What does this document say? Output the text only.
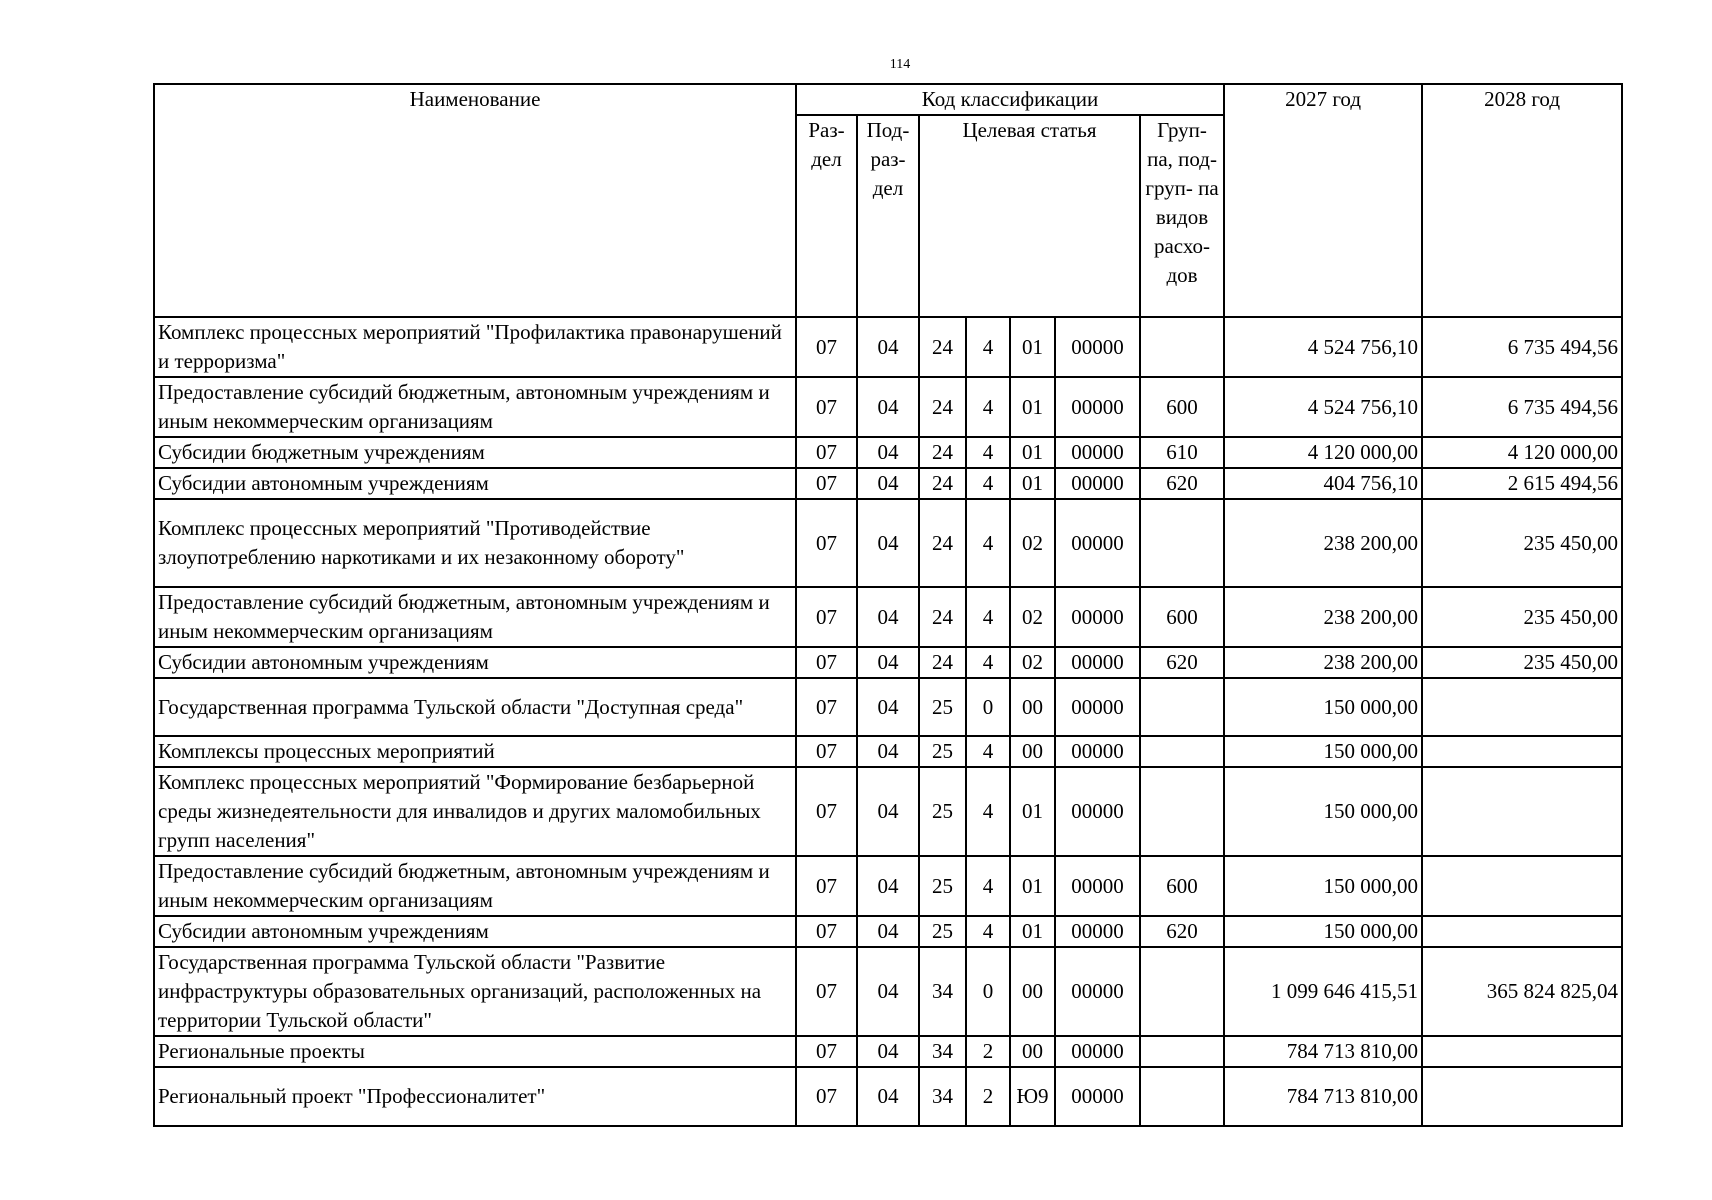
114
Наименование	Код классификации							2027 год	2028 год
	Раз- дел	Под- раз- дел	Целевая статья				Груп- па, под- груп- па видов расхо- дов		
Комплекс процессных мероприятий "Профилактика правонарушений и терроризма"	07	04	24	4	01	00000		4 524 756,10	6 735 494,56
Предоставление субсидий бюджетным, автономным учреждениям и иным некоммерческим организациям	07	04	24	4	01	00000	600	4 524 756,10	6 735 494,56
Субсидии бюджетным учреждениям	07	04	24	4	01	00000	610	4 120 000,00	4 120 000,00
Субсидии автономным учреждениям	07	04	24	4	01	00000	620	404 756,10	2 615 494,56
Комплекс процессных мероприятий "Противодействие злоупотреблению наркотиками и их незаконному обороту"	07	04	24	4	02	00000		238 200,00	235 450,00
Предоставление субсидий бюджетным, автономным учреждениям и иным некоммерческим организациям	07	04	24	4	02	00000	600	238 200,00	235 450,00
Субсидии автономным учреждениям	07	04	24	4	02	00000	620	238 200,00	235 450,00
Государственная программа Тульской области "Доступная среда"	07	04	25	0	00	00000		150 000,00	
Комплексы процессных мероприятий	07	04	25	4	00	00000		150 000,00	
Комплекс процессных мероприятий "Формирование безбарьерной среды жизнедеятельности для инвалидов и других маломобильных групп населения"	07	04	25	4	01	00000		150 000,00	
Предоставление субсидий бюджетным, автономным учреждениям и иным некоммерческим организациям	07	04	25	4	01	00000	600	150 000,00	
Субсидии автономным учреждениям	07	04	25	4	01	00000	620	150 000,00	
Государственная программа Тульской области "Развитие инфраструктуры образовательных организаций, расположенных на территории Тульской области"	07	04	34	0	00	00000		1 099 646 415,51	365 824 825,04
Региональные проекты	07	04	34	2	00	00000		784 713 810,00	
Региональный проект "Профессионалитет"	07	04	34	2	Ю9	00000		784 713 810,00	
